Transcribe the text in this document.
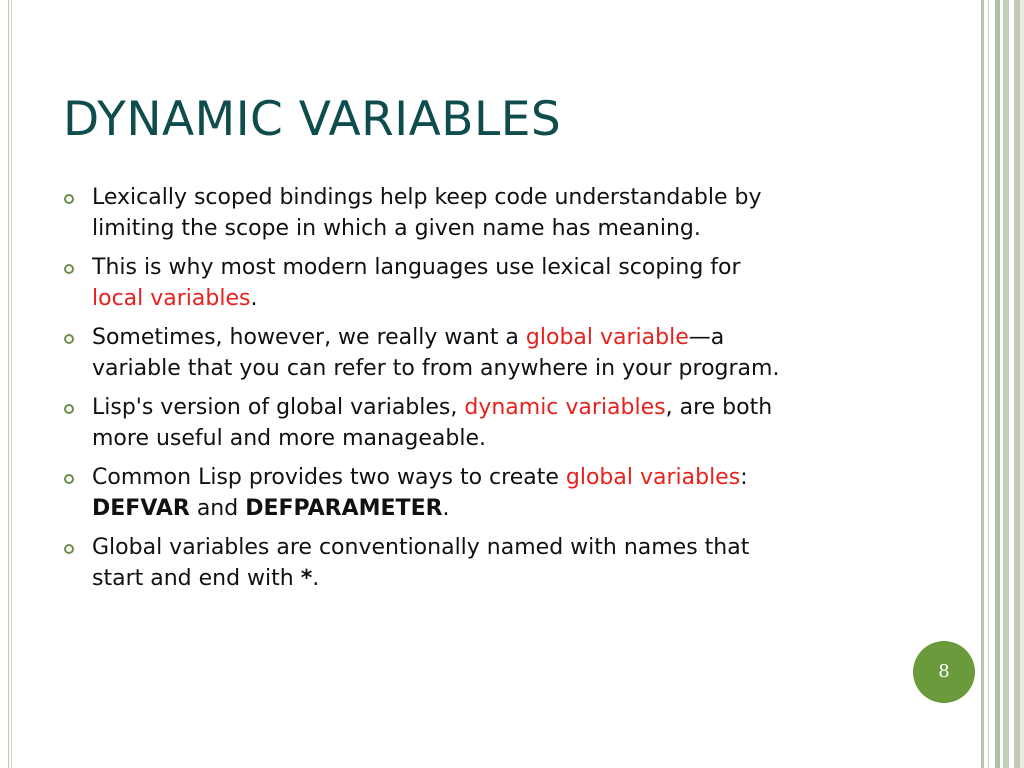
DYNAMIC VARIABLES
Lexically scoped bindings help keep code understandable by
limiting the scope in which a given name has meaning.
This is why most modern languages use lexical scoping for
local variables.
Sometimes, however, we really want a global variable—a
variable that you can refer to from anywhere in your program.
Lisp's version of global variables, dynamic variables, are both
more useful and more manageable.
Common Lisp provides two ways to create global variables:
DEFVAR and DEFPARAMETER.
Global variables are conventionally named with names that
start and end with *.
8
